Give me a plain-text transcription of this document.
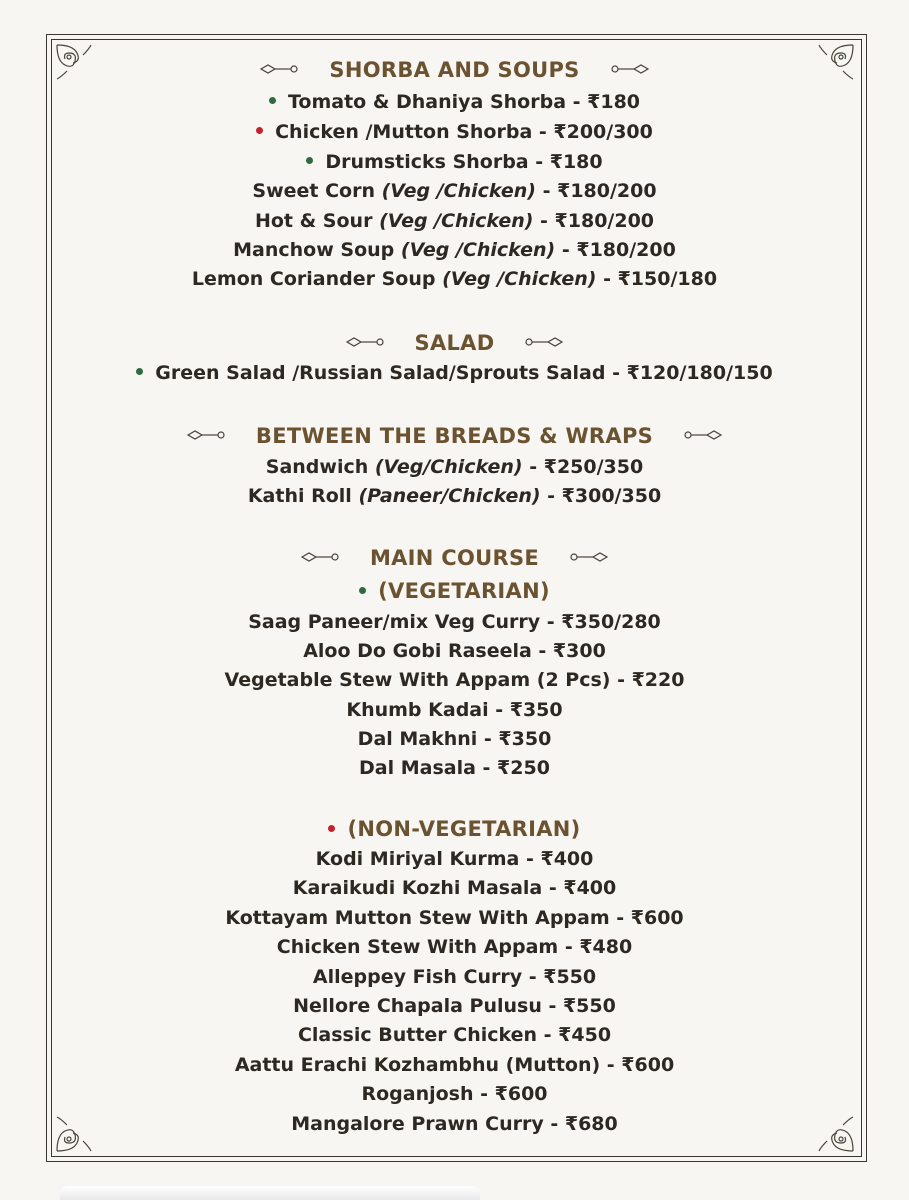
SHORBA AND SOUPS
Tomato & Dhaniya Shorba - ₹180
Chicken /Mutton Shorba - ₹200/300
Drumsticks Shorba - ₹180
Sweet Corn (Veg /Chicken) - ₹180/200
Hot & Sour (Veg /Chicken) - ₹180/200
Manchow Soup (Veg /Chicken) - ₹180/200
Lemon Coriander Soup (Veg /Chicken) - ₹150/180
SALAD
Green Salad /Russian Salad/Sprouts Salad - ₹120/180/150
BETWEEN THE BREADS & WRAPS
Sandwich (Veg/Chicken) - ₹250/350
Kathi Roll (Paneer/Chicken) - ₹300/350
MAIN COURSE
(VEGETARIAN)
Saag Paneer/mix Veg Curry - ₹350/280
Aloo Do Gobi Raseela - ₹300
Vegetable Stew With Appam (2 Pcs) - ₹220
Khumb Kadai - ₹350
Dal Makhni - ₹350
Dal Masala - ₹250
(NON-VEGETARIAN)
Kodi Miriyal Kurma - ₹400
Karaikudi Kozhi Masala - ₹400
Kottayam Mutton Stew With Appam - ₹600
Chicken Stew With Appam - ₹480
Alleppey Fish Curry - ₹550
Nellore Chapala Pulusu - ₹550
Classic Butter Chicken - ₹450
Aattu Erachi Kozhambhu (Mutton) - ₹600
Roganjosh - ₹600
Mangalore Prawn Curry - ₹680
